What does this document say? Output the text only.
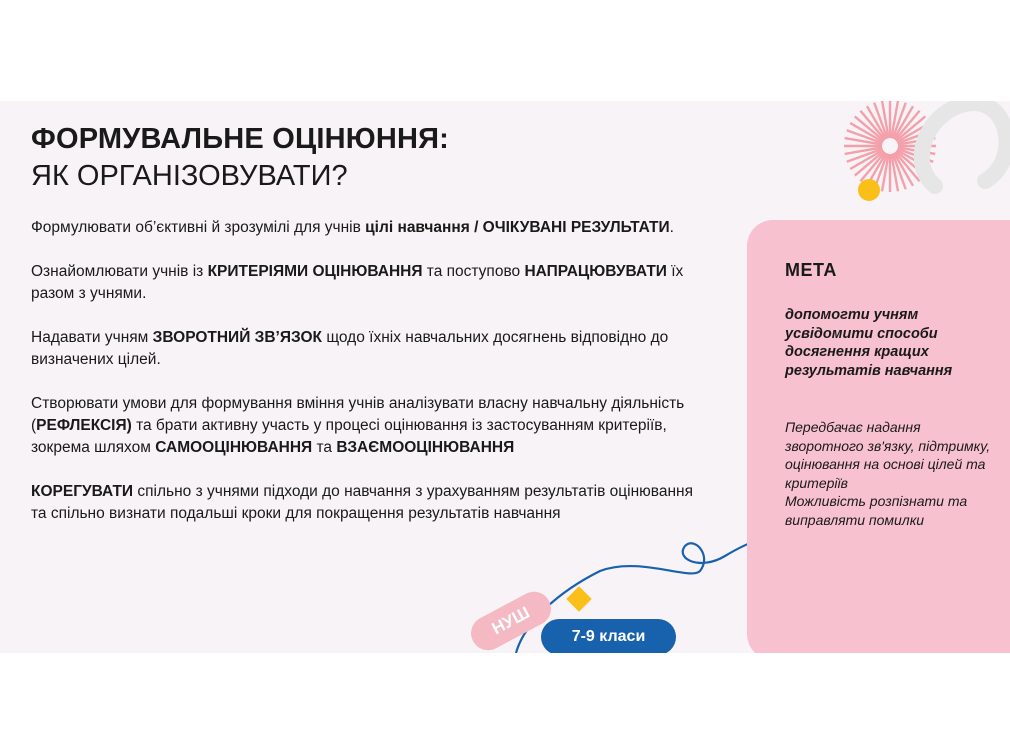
ФОРМУВАЛЬНЕ ОЦІНЮННЯ:
ЯК ОРГАНІЗОВУВАТИ?

Формулювати об’єктивні й зрозумілі для учнів цілі навчання / ОЧІКУВАНІ РЕЗУЛЬТАТИ.

Ознайомлювати учнів із КРИТЕРІЯМИ ОЦІНЮВАННЯ та поступово НАПРАЦЮВУВАТИ їх разом з учнями.

Надавати учням ЗВОРОТНИЙ ЗВ’ЯЗОК щодо їхніх навчальних досягнень відповідно до визначених цілей.

Створювати умови для формування вміння учнів аналізувати власну навчальну діяльність (РЕФЛЕКСІЯ) та брати активну участь у процесі оцінювання із застосуванням критеріїв, зокрема шляхом САМООЦІНЮВАННЯ та ВЗАЄМООЦІНЮВАННЯ

КОРЕГУВАТИ спільно з учнями підходи до навчання з урахуванням результатів оцінювання та спільно визнати подальші кроки для покращення результатів навчання

МЕТА
допомогти учням усвідомити способи досягнення кращих результатів навчання
Передбачає надання зворотного зв'язку, підтримку, оцінювання на основі цілей та критеріїв
Можливість розпізнати та виправляти помилки
НУШ	7-9 класи
